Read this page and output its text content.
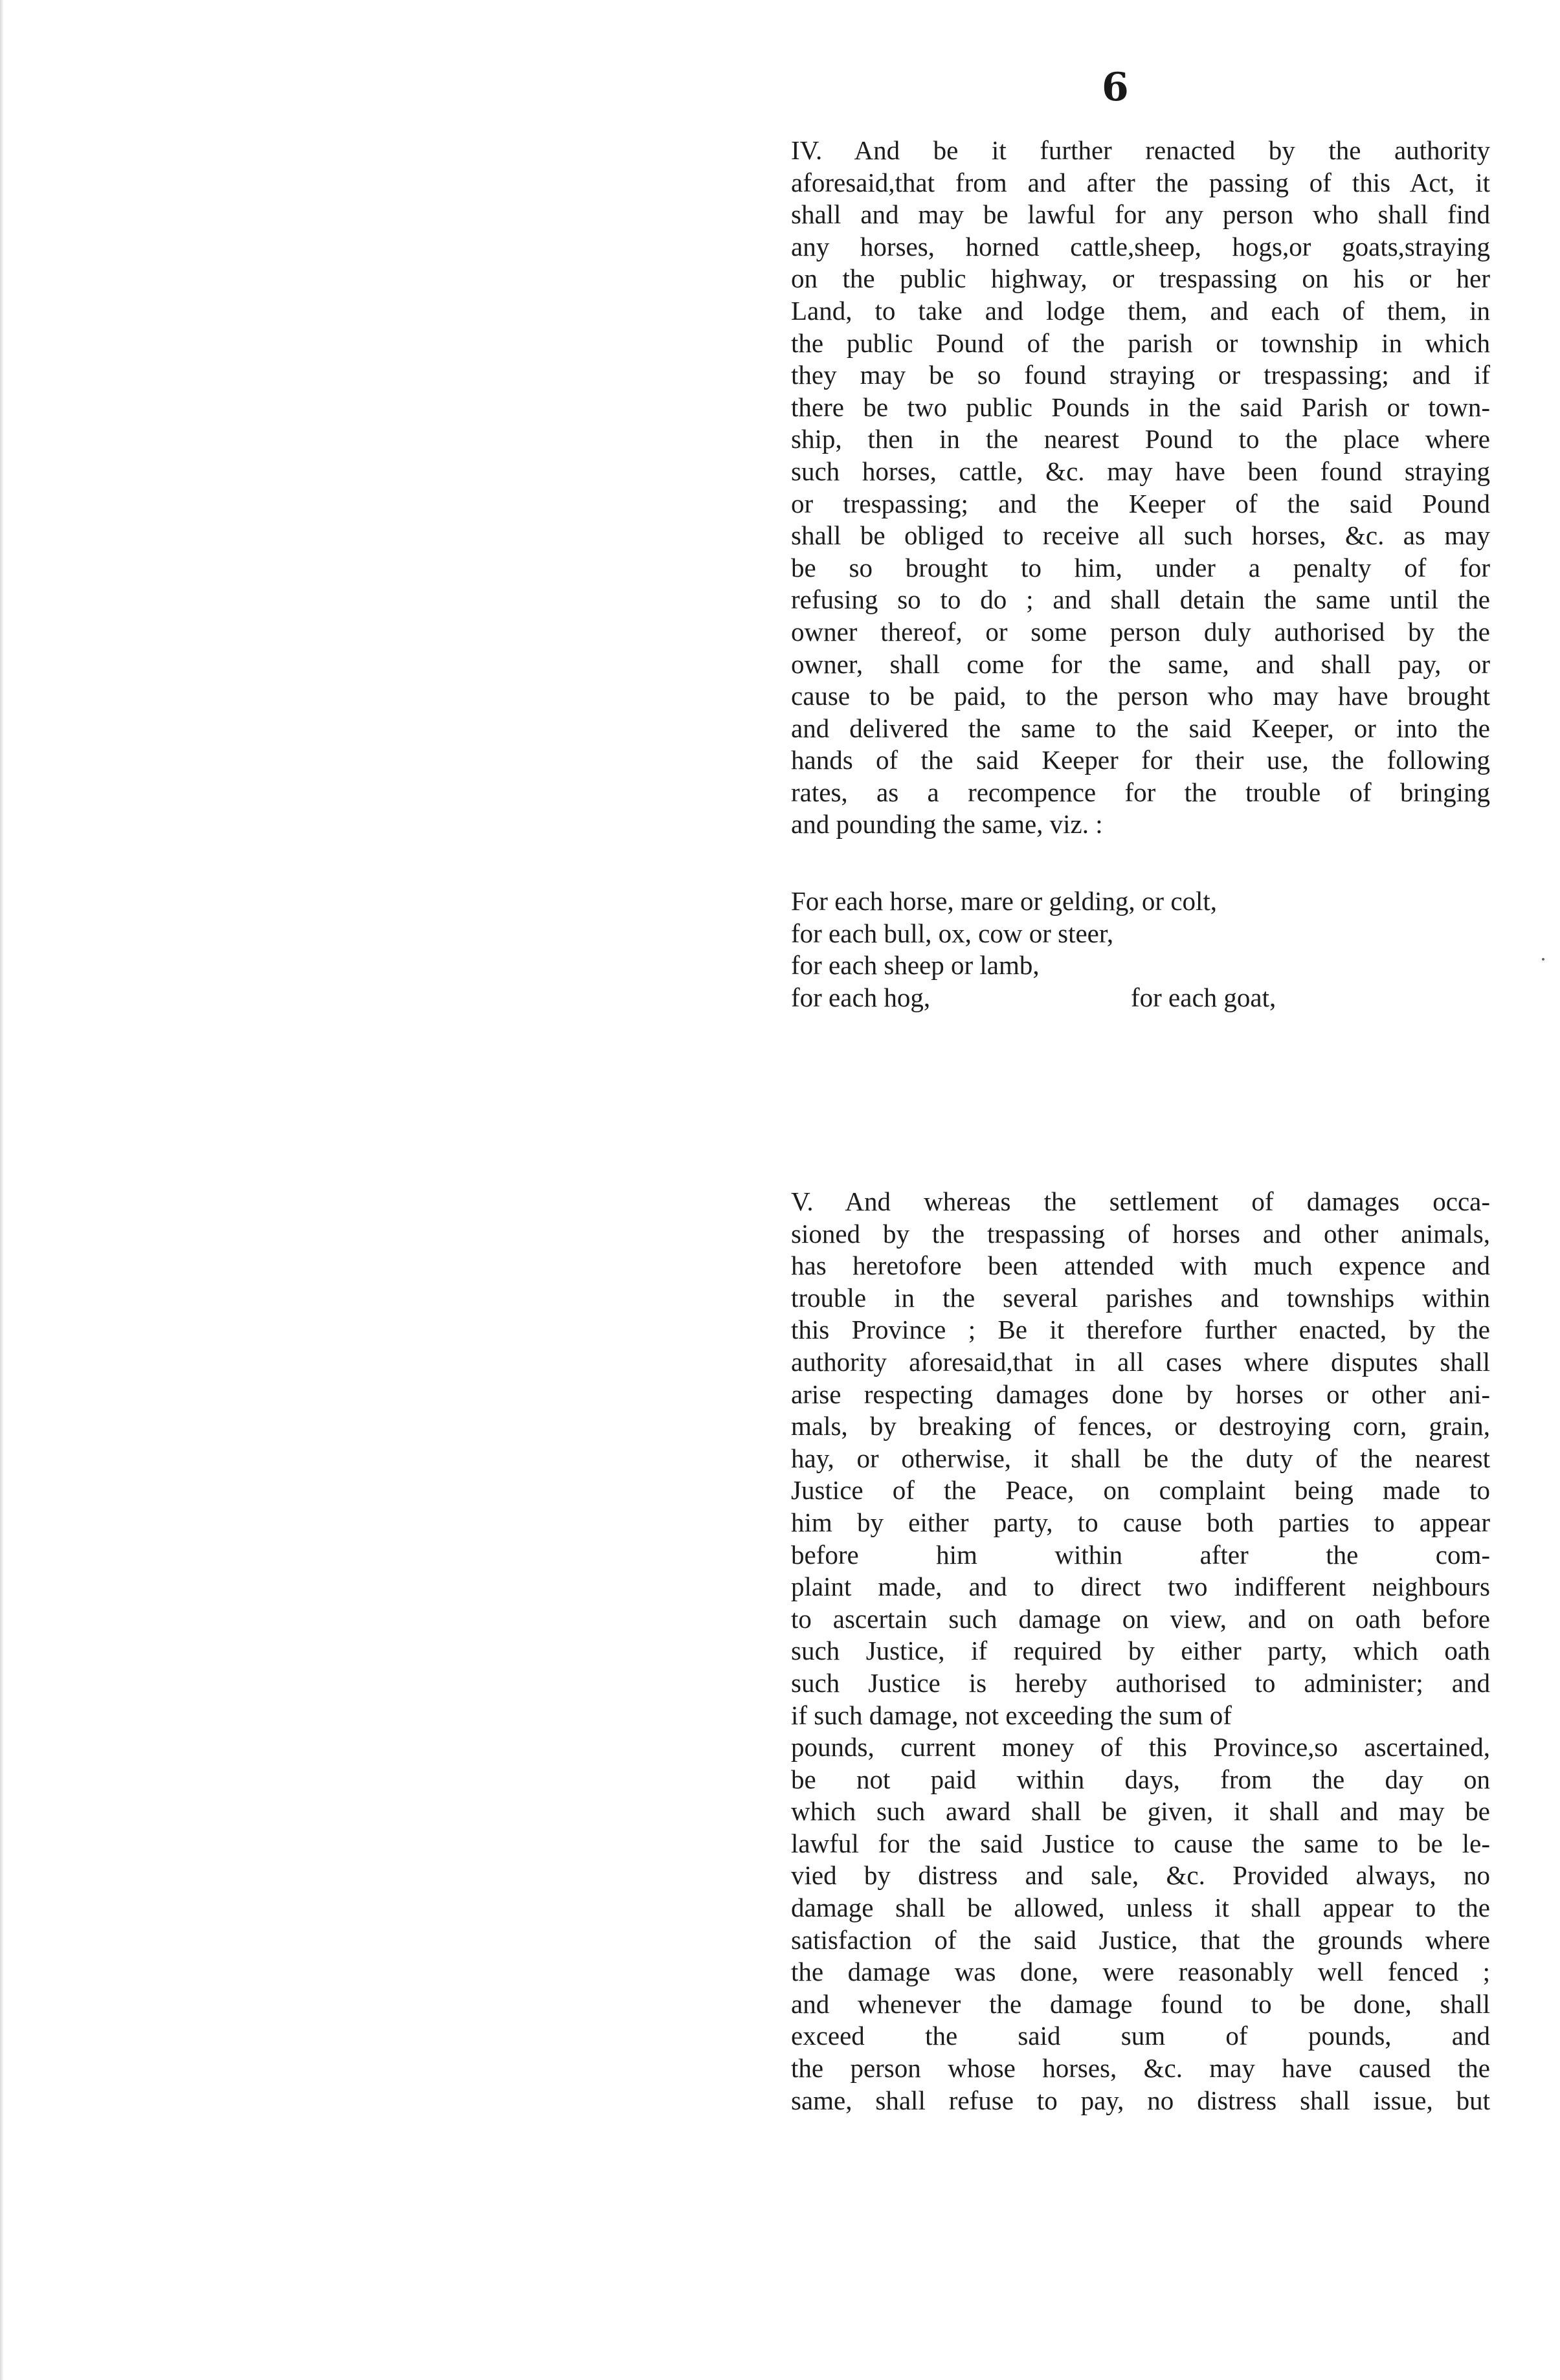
6
IV. And be it further renacted by the authority
aforesaid,that from and after the passing of this Act, it
shall and may be lawful for any person who shall find
any horses, horned cattle,sheep, hogs,or goats,straying
on the public highway, or trespassing on his or her
Land, to take and lodge them, and each of them, in
the public Pound of the parish or township in which
they may be so found straying or trespassing; and if
there be two public Pounds in the said Parish or town-
ship, then in the nearest Pound to the place where
such horses, cattle, &c. may have been found straying
or trespassing; and the Keeper of the said Pound
shall be obliged to receive all such horses, &c. as may
be so brought to him, under a penalty of for
refusing so to do ; and shall detain the same until the
owner thereof, or some person duly authorised by the
owner, shall come for the same, and shall pay, or
cause to be paid, to the person who may have brought
and delivered the same to the said Keeper, or into the
hands of the said Keeper for their use, the following
rates, as a recompence for the trouble of bringing
and pounding the same, viz. :
For each horse, mare or gelding, or colt,
for each bull, ox, cow or steer,
for each sheep or lamb,
for each hog,	for each goat,
V. And whereas the settlement of damages occa-
sioned by the trespassing of horses and other animals,
has heretofore been attended with much expence and
trouble in the several parishes and townships within
this Province ; Be it therefore further enacted, by the
authority aforesaid,that in all cases where disputes shall
arise respecting damages done by horses or other ani-
mals, by breaking of fences, or destroying corn, grain,
hay, or otherwise, it shall be the duty of the nearest
Justice of the Peace, on complaint being made to
him by either party, to cause both parties to appear
before him within after the com-
plaint made, and to direct two indifferent neighbours
to ascertain such damage on view, and on oath before
such Justice, if required by either party, which oath
such Justice is hereby authorised to administer; and
if such damage, not exceeding the sum of
pounds, current money of this Province,so ascertained,
be not paid within days, from the day on
which such award shall be given, it shall and may be
lawful for the said Justice to cause the same to be le-
vied by distress and sale, &c. Provided always, no
damage shall be allowed, unless it shall appear to the
satisfaction of the said Justice, that the grounds where
the damage was done, were reasonably well fenced ;
and whenever the damage found to be done, shall
exceed the said sum of pounds, and
the person whose horses, &c. may have caused the
same, shall refuse to pay, no distress shall issue, but
